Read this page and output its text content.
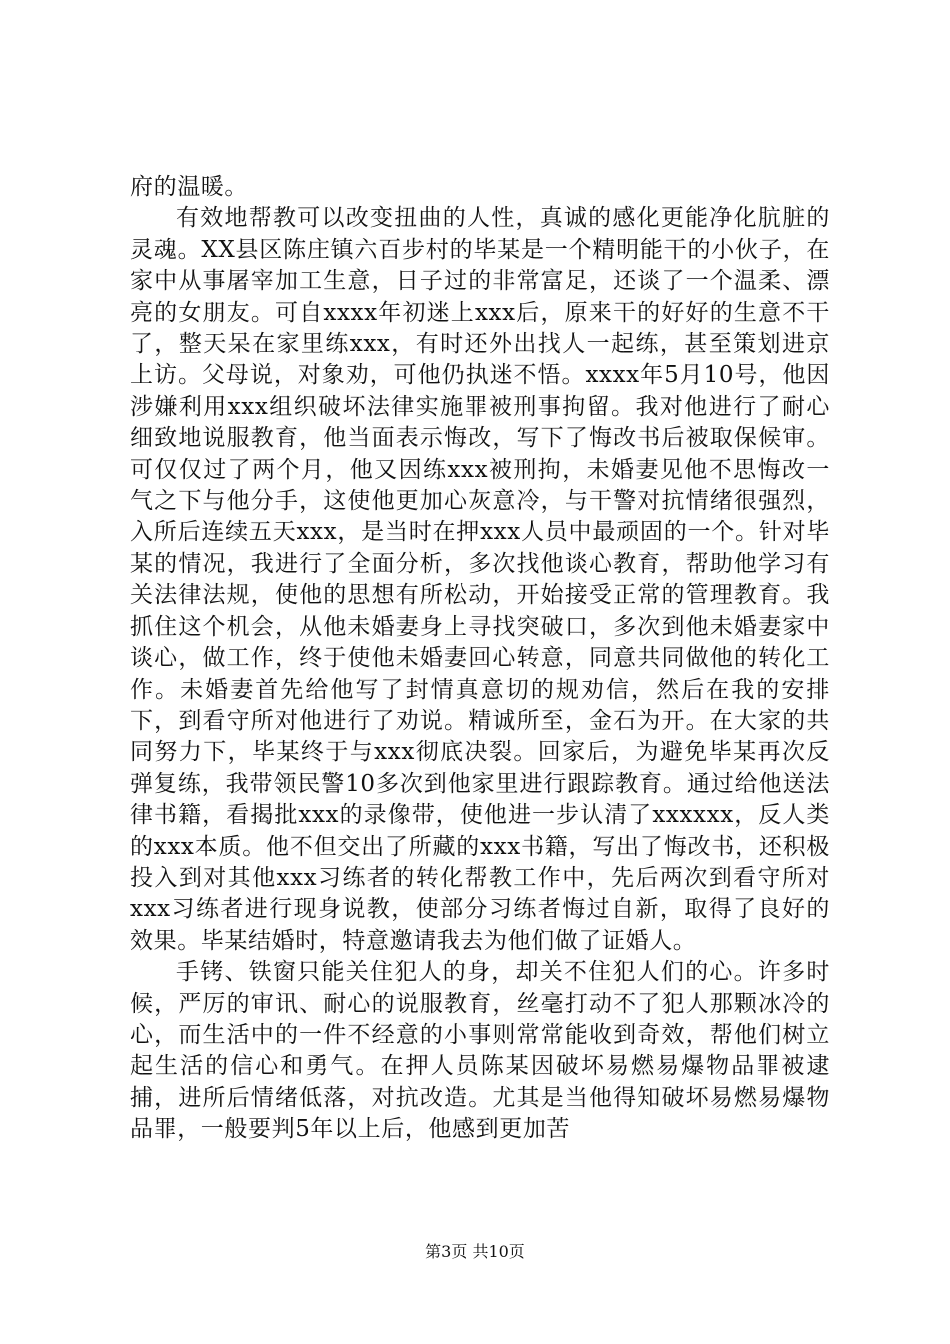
府的温暖。

有效地帮教可以改变扭曲的人性，真诚的感化更能净化肮脏的灵魂。XX县区陈庄镇六百步村的毕某是一个精明能干的小伙子，在家中从事屠宰加工生意，日子过的非常富足，还谈了一个温柔、漂亮的女朋友。可自xxxx年初迷上xxx后，原来干的好好的生意不干了，整天呆在家里练xxx，有时还外出找人一起练，甚至策划进京上访。父母说，对象劝，可他仍执迷不悟。xxxx年5月10号，他因涉嫌利用xxx组织破坏法律实施罪被刑事拘留。我对他进行了耐心细致地说服教育，他当面表示悔改，写下了悔改书后被取保候审。可仅仅过了两个月，他又因练xxx被刑拘，未婚妻见他不思悔改一气之下与他分手，这使他更加心灰意冷，与干警对抗情绪很强烈，入所后连续五天xxx，是当时在押xxx人员中最顽固的一个。针对毕某的情况，我进行了全面分析，多次找他谈心教育，帮助他学习有关法律法规，使他的思想有所松动，开始接受正常的管理教育。我抓住这个机会，从他未婚妻身上寻找突破口，多次到他未婚妻家中谈心，做工作，终于使他未婚妻回心转意，同意共同做他的转化工作。未婚妻首先给他写了封情真意切的规劝信，然后在我的安排下，到看守所对他进行了劝说。精诚所至，金石为开。在大家的共同努力下，毕某终于与xxx彻底决裂。回家后，为避免毕某再次反弹复练，我带领民警10多次到他家里进行跟踪教育。通过给他送法律书籍，看揭批xxx的录像带，使他进一步认清了xxxxxx，反人类的xxx本质。他不但交出了所藏的xxx书籍，写出了悔改书，还积极投入到对其他xxx习练者的转化帮教工作中，先后两次到看守所对xxx习练者进行现身说教，使部分习练者悔过自新，取得了良好的效果。毕某结婚时，特意邀请我去为他们做了证婚人。

手铐、铁窗只能关住犯人的身，却关不住犯人们的心。许多时候，严厉的审讯、耐心的说服教育，丝毫打动不了犯人那颗冰冷的心，而生活中的一件不经意的小事则常常能收到奇效，帮他们树立起生活的信心和勇气。在押人员陈某因破坏易燃易爆物品罪被逮捕，进所后情绪低落，对抗改造。尤其是当他得知破坏易燃易爆物品罪，一般要判5年以上后，他感到更加苦

第3页 共10页
